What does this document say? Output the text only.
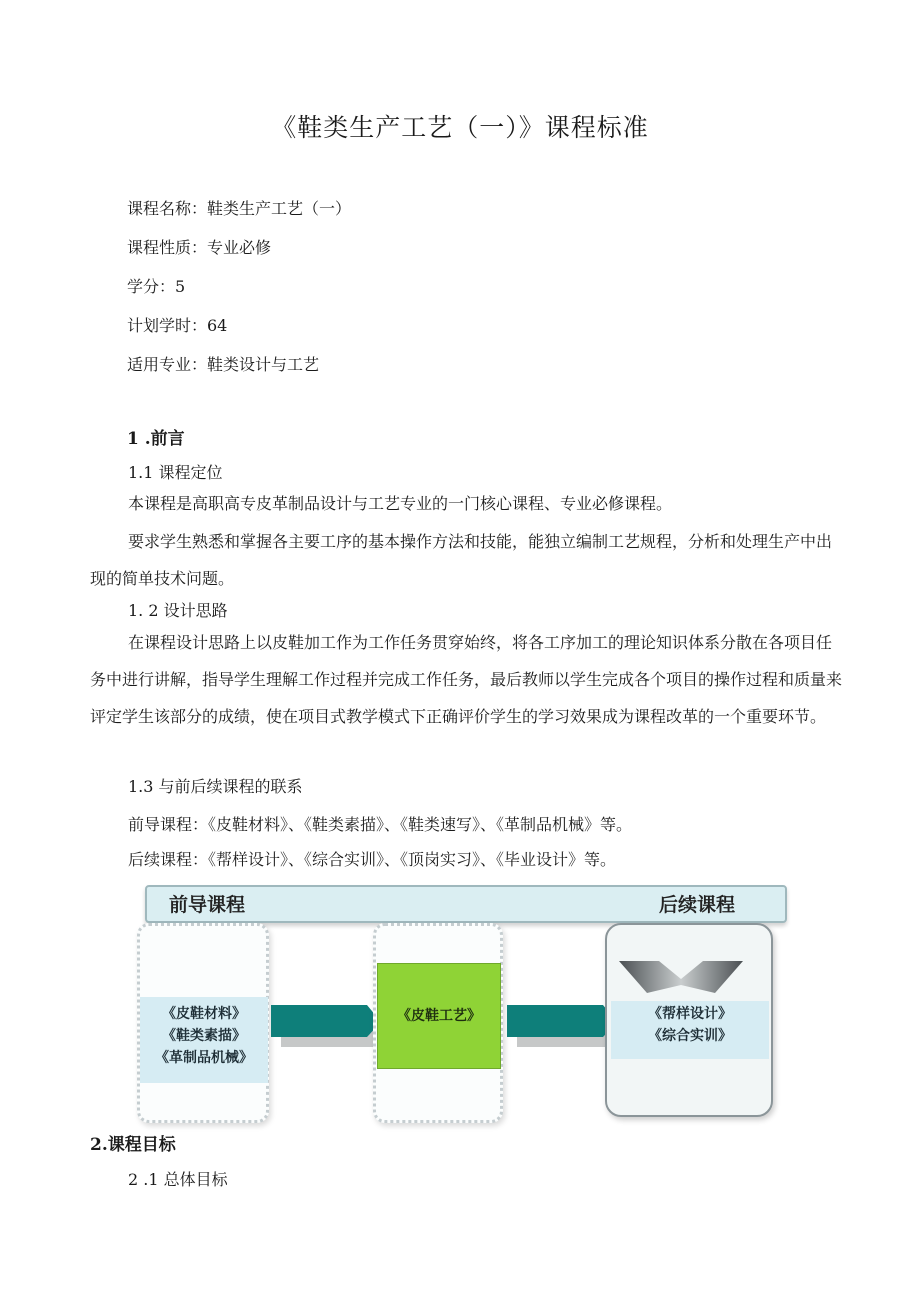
《鞋类生产工艺（一）》课程标准
课程名称：鞋类生产工艺（一）
课程性质：专业必修
学分：5
计划学时：64
适用专业：鞋类设计与工艺
1 .前言
1.1 课程定位
本课程是高职高专皮革制品设计与工艺专业的一门核心课程、专业必修课程。
要求学生熟悉和掌握各主要工序的基本操作方法和技能，能独立编制工艺规程，分析和处理生产中出现的简单技术问题。
1. 2 设计思路
在课程设计思路上以皮鞋加工作为工作任务贯穿始终，将各工序加工的理论知识体系分散在各项目任务中进行讲解，指导学生理解工作过程并完成工作任务，最后教师以学生完成各个项目的操作过程和质量来评定学生该部分的成绩，使在项目式教学模式下正确评价学生的学习效果成为课程改革的一个重要环节。
1.3 与前后续课程的联系
前导课程：《皮鞋材料》、《鞋类素描》、《鞋类速写》、《革制品机械》等。
后续课程：《帮样设计》、《综合实训》、《顶岗实习》、《毕业设计》等。
前导课程	后续课程
《皮鞋材料》
《鞋类素描》
《革制品机械》
《皮鞋工艺》	《帮样设计》
《综合实训》
2.课程目标
2 .1 总体目标
